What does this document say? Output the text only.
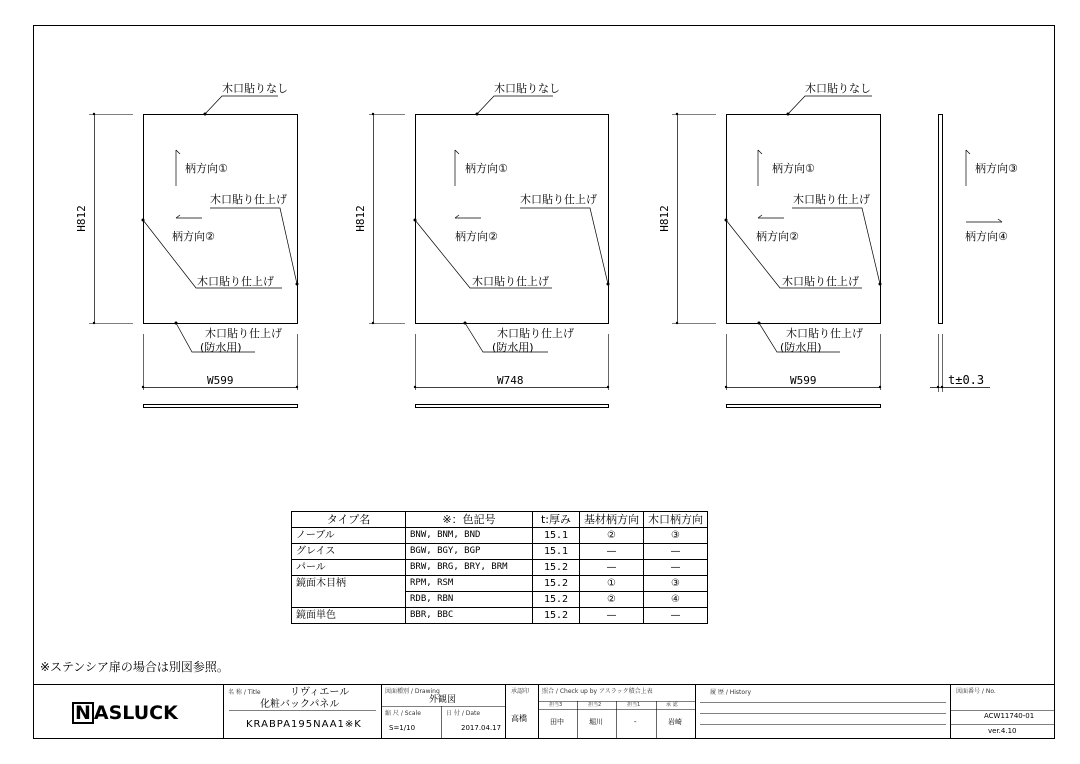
木口貼りなし
柄方向①
木口貼り仕上げ
柄方向②
木口貼り仕上げ
木口貼り仕上げ
(防水用)
H812
W599
木口貼りなし
柄方向①
木口貼り仕上げ
柄方向②
木口貼り仕上げ
木口貼り仕上げ
(防水用)
H812
W748
木口貼りなし
柄方向①
木口貼り仕上げ
柄方向②
木口貼り仕上げ
木口貼り仕上げ
(防水用)
H812
W599
柄方向③
柄方向④
t±0.3
タイプ名	※：色記号	t:厚み	基材柄方向	木口柄方向
ノーブル	BNW, BNM, BND	15.1	②	③
グレイス	BGW, BGY, BGP	15.1	—	—
パール	BRW, BRG, BRY, BRM	15.2	—	—
鏡面木目柄	RPM, RSM	15.2	①	③
	RDB, RBN	15.2	②	④
鏡面単色	BBR, BBC	15.2	—	—
※ステンシア扉の場合は別図参照。
N ASLUCK
名 称 / Title	リヴィエール
化粧バックパネル
KRABPA195NAA1※K
図面種別 / Drawing
外観図
縮 尺 / Scale
S=1/10
日 付 / Date
2017.04.17
承認印
高橋
照合 / Check up by アスラック積合上表
担当3	担当2	担当1	承 認
田中	堀川	-	岩崎
履 歴 / History	図面番号 / No.
ACW11740-01
ver.4.10
